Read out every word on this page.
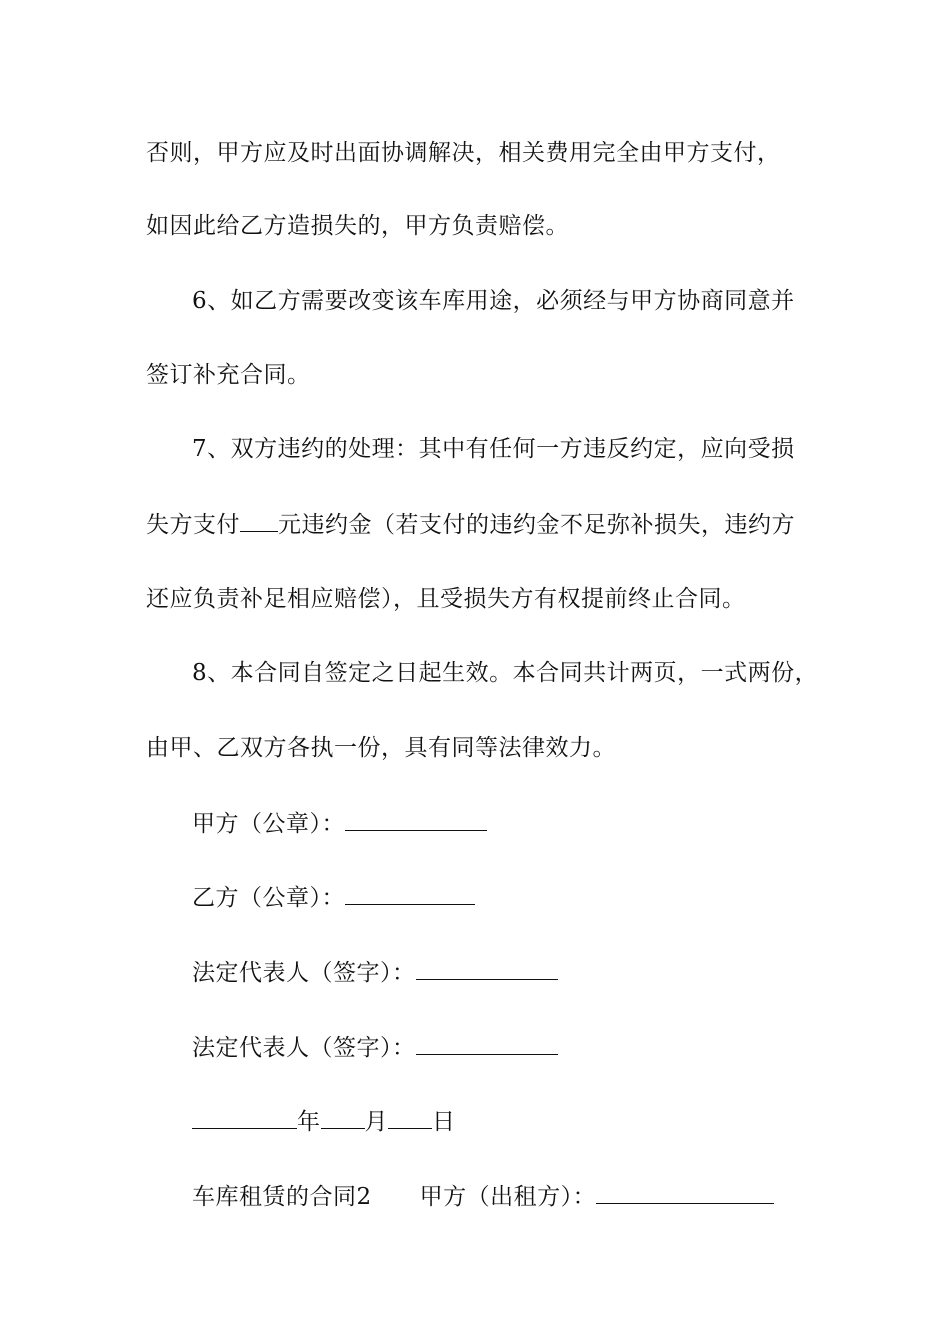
否则，甲方应及时出面协调解决，相关费用完全由甲方支付，
如因此给乙方造损失的，甲方负责赔偿。
6、如乙方需要改变该车库用途，必须经与甲方协商同意并
签订补充合同。
7、双方违约的处理：其中有任何一方违反约定，应向受损
失方支付 元违约金（若支付的违约金不足弥补损失，违约方
还应负责补足相应赔偿），且受损失方有权提前终止合同。
8、本合同自签定之日起生效。本合同共计两页，一式两份，
由甲、乙双方各执一份，具有同等法律效力。
甲方（公章）：
乙方（公章）：
法定代表人（签字）：
法定代表人（签字）：
年 月 日
车库租赁的合同2 甲方（出租方）：
